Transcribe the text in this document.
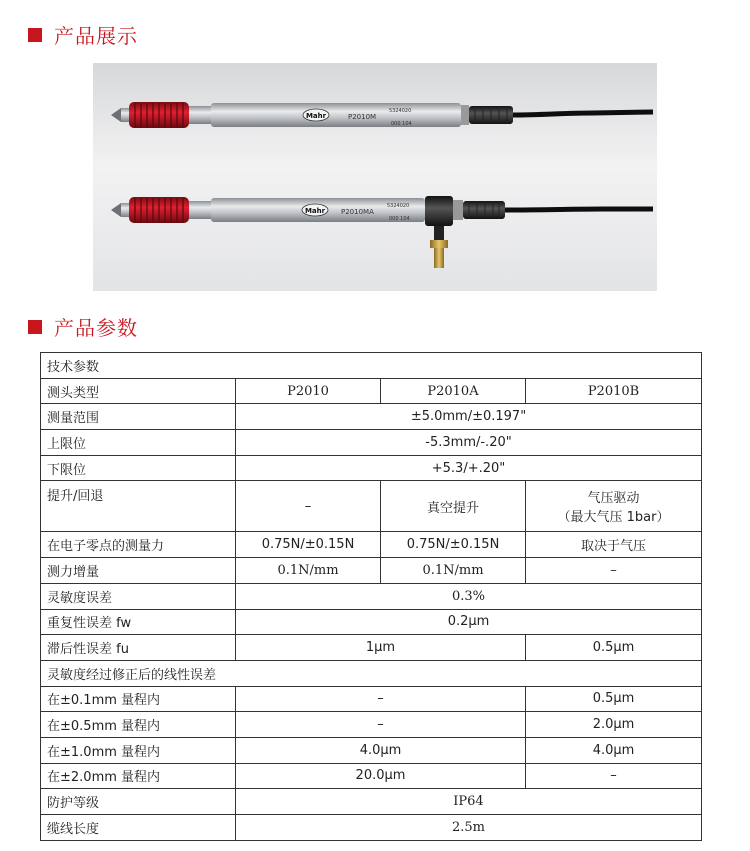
产品展示
Mahr	P2010M
5324020
000 104
Mahr P2010MA
5324020
000 104
产品参数
技术参数			
测头类型	P2010	P2010A	P2010B
测量范围	±5.0mm/±0.197"		
上限位	-5.3mm/-.20"		
下限位	+5.3/+.20"		
提升/回退	–	真空提升	气压驱动
（最大气压 1bar）

在电子零点的测量力	0.75N/±0.15N	0.75N/±0.15N	取决于气压
测力增量	0.1N/mm	0.1N/mm	–
灵敏度误差	0.3%		
重复性误差 fw	0.2μm		
滞后性误差 fu	1μm		0.5μm
灵敏度经过修正后的线性误差			
在±0.1mm 量程内	–		0.5μm
在±0.5mm 量程内	–		2.0μm
在±1.0mm 量程内	4.0μm		4.0μm
在±2.0mm 量程内	20.0μm		–
防护等级	IP64		
缆线长度	2.5m		
